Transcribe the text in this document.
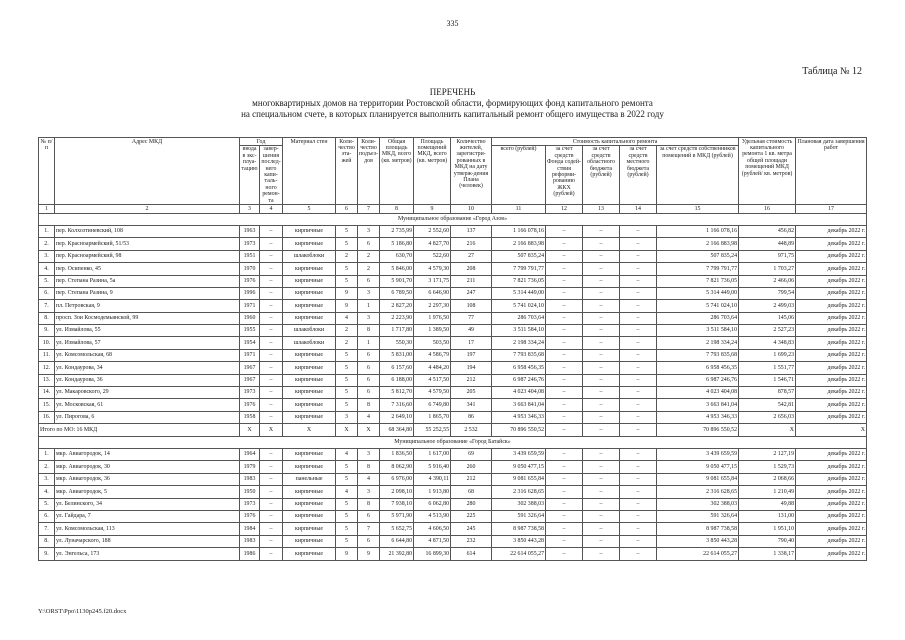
335
Таблица № 12
ПЕРЕЧЕНЬ
многоквартирных домов на территории Ростовской области, формирующих фонд капитального ремонта
на специальном счете, в которых планируется выполнить капитальный ремонт общего имущества в 2022 году
№ п/п	Адрес МКД	Год		Материал стен	Коли-чество эта-жей	Коли-чество подъез-дов	Общая площадь МКД, всего (кв. метров)	Площадь помещений МКД, всего (кв. метров)	Количество жителей, зарегистри-рованных в МКД на дату утверж-дения Плана (человек)	Стоимость капитального ремонта					Удельная стоимость капитального ремонта 1 кв. метра общей площади помещений МКД (рублей/ кв. метров)	Плановая дата завершения работ
		ввода в экс-плуа-тацию	завер-шения послед-него капи-таль-ного ремон-та							всего (рублей)	за счет средств Фонда содей-ствия реформи-рованию ЖКХ (рублей)	за счет средств областного бюджета (рублей)	за счет средств местного бюджета (рублей)	за счет средств собственников помещений в МКД (рублей)		
1	2	3	4	5	6	7	8	9	10	11	12	13	14	15	16	17
Муниципальное образование «Город Азов»																
1.	пер. Колхозтиневский, 108	1963	–	кирпичные	5	3	2 735,99	2 552,60	137	1 166 078,16	–	–	–	1 166 078,16	456,82	декабрь 2022 г.
2.	пер. Красноармейский, 51/53	1973	–	кирпичные	5	6	5 186,80	4 827,70	216	2 166 883,98	–	–	–	2 166 883,98	448,89	декабрь 2022 г.
3.	пер. Красноармейский, 98	1951	–	шлакоблоки	2	2	630,70	522,60	27	507 835,24	–	–	–	507 835,24	971,75	декабрь 2022 г.
4.	пер. Осипенко, 45	1970	–	кирпичные	5	2	5 846,00	4 579,30	208	7 799 791,77	–	–	–	7 799 791,77	1 703,27	декабрь 2022 г.
5.	пер. Степана Разина, 5а	1976	–	кирпичные	5	6	5 901,70	3 171,75	211	7 821 736,05	–	–	–	7 821 736,05	2 466,06	декабрь 2022 г.
6.	пер. Степана Разина, 9	1996	–	кирпичные	9	3	6 789,50	6 646,90	247	5 314 449,00	–	–	–	5 314 449,00	799,54	декабрь 2022 г.
7.	пл. Петровская, 9	1971	–	кирпичные	9	1	2 827,20	2 297,30	108	5 741 024,10	–	–	–	5 741 024,10	2 499,03	декабрь 2022 г.
8.	просп. Зои Космодемьянской, 99	1960	–	кирпичные	4	3	2 223,90	1 976,50	77	286 703,64	–	–	–	286 703,64	145,06	декабрь 2022 г.
9.	ул. Измайлова, 55	1955	–	шлакоблоки	2	8	1 717,80	1 389,50	49	3 511 584,10	–	–	–	3 511 584,10	2 527,23	декабрь 2022 г.
10.	ул. Измайлова, 57	1954	–	шлакоблоки	2	1	550,30	503,50	17	2 198 334,24	–	–	–	2 198 334,24	4 348,83	декабрь 2022 г.
11.	ул. Комсомольская, 68	1971	–	кирпичные	5	6	5 831,00	4 586,79	197	7 793 835,68	–	–	–	7 793 835,68	1 699,23	декабрь 2022 г.
12.	ул. Кондаурова, 34	1967	–	кирпичные	5	6	6 157,60	4 484,20	194	6 958 456,35	–	–	–	6 958 456,35	1 551,77	декабрь 2022 г.
13.	ул. Кондаурова, 36	1967	–	кирпичные	5	6	6 188,00	4 517,50	212	6 987 246,76	–	–	–	6 987 246,76	1 546,71	декабрь 2022 г.
14.	ул. Макаровского, 29	1973	–	кирпичные	5	6	5 812,70	4 579,50	205	4 023 404,08	–	–	–	4 023 404,08	878,57	декабрь 2022 г.
15.	ул. Московская, 61	1976	–	кирпичные	5	8	7 316,60	6 749,80	341	3 663 841,04	–	–	–	3 663 841,04	542,81	декабрь 2022 г.
16.	ул. Пирогова, 6	1958	–	кирпичные	3	4	2 649,10	1 865,70	86	4 953 346,33	–	–	–	4 953 346,33	2 656,03	декабрь 2022 г.
Итого по МО: 16 МКД		X	X	X	X	X	68 364,80	55 252,55	2 532	70 896 550,52	–	–	–	70 896 550,52	X	X
Муниципальное образование «Город Батайск»																
1.	мкр. Авиагородок, 14	1964	–	кирпичные	4	3	1 836,50	1 617,00	69	3 439 659,59	–	–	–	3 439 659,59	2 127,19	декабрь 2022 г.
2.	мкр. Авиагородок, 30	1979	–	кирпичные	5	8	8 062,90	5 916,40	260	9 050 477,15	–	–	–	9 050 477,15	1 529,73	декабрь 2022 г.
3.	мкр. Авиагородок, 36	1983	–	панельные	5	4	6 976,00	4 390,11	212	9 081 655,84	–	–	–	9 081 655,84	2 068,66	декабрь 2022 г.
4.	мкр. Авиагородок, 5	1950	–	кирпичные	4	3	2 098,10	1 913,80	68	2 316 628,65	–	–	–	2 316 628,65	1 210,49	декабрь 2022 г.
5.	ул. Белинского, 34	1973	–	кирпичные	5	8	7 938,10	6 062,80	280	302 388,03	–	–	–	302 388,03	49,88	декабрь 2022 г.
6.	ул. Гайдара, 7	1976	–	кирпичные	5	6	5 971,90	4 513,90	225	591 326,64	–	–	–	591 326,64	131,00	декабрь 2022 г.
7.	ул. Комсомольская, 113	1984	–	кирпичные	5	7	5 652,75	4 606,50	245	8 987 738,58	–	–	–	8 987 738,58	1 951,10	декабрь 2022 г.
8.	ул. Луначарского, 188	1983	–	кирпичные	5	6	6 644,80	4 871,50	232	3 850 443,28	–	–	–	3 850 443,28	790,40	декабрь 2022 г.
9.	ул. Энгельса, 173	1986	–	кирпичные	9	9	21 392,80	16 899,30	614	22 614 055,27	–	–	–	22 614 055,27	1 338,17	декабрь 2022 г.
Y:\ORST\Ppo\1130p245.f20.docx
